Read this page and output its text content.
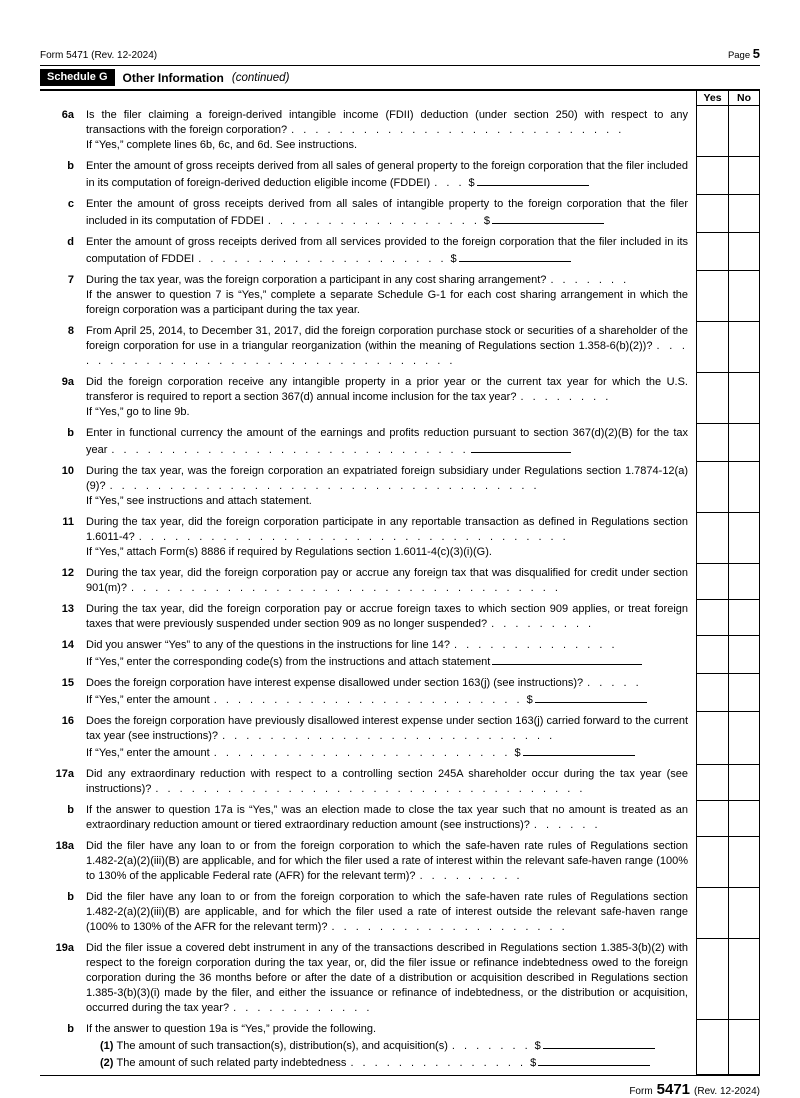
Form 5471 (Rev. 12-2024)	Page 5
Schedule G	Other Information (continued)
Yes	No
6a	Is the filer claiming a foreign-derived intangible income (FDII) deduction (under section 250) with respect to any transactions with the foreign corporation? . . . . . . . . . . . . . . . . . . . . . . . . . . . .
If “Yes,” complete lines 6b, 6c, and 6d. See instructions.
b	Enter the amount of gross receipts derived from all sales of general property to the foreign corporation that the filer included in its computation of foreign-derived deduction eligible income (FDDEI) . . . $
c	Enter the amount of gross receipts derived from all sales of intangible property to the foreign corporation that the filer included in its computation of FDDEI . . . . . . . . . . . . . . . . . . $
d	Enter the amount of gross receipts derived from all services provided to the foreign corporation that the filer included in its computation of FDDEI . . . . . . . . . . . . . . . . . . . . . $
7	During the tax year, was the foreign corporation a participant in any cost sharing arrangement? . . . . . . .
If the answer to question 7 is “Yes,” complete a separate Schedule G-1 for each cost sharing arrangement in which the foreign corporation was a participant during the tax year.
8	From April 25, 2014, to December 31, 2017, did the foreign corporation purchase stock or securities of a shareholder of the foreign corporation for use in a triangular reorganization (within the meaning of Regulations section 1.358-6(b)(2))? . . . . . . . . . . . . . . . . . . . . . . . . . . . . . . . . . .
9a	Did the foreign corporation receive any intangible property in a prior year or the current tax year for which the U.S. transferor is required to report a section 367(d) annual income inclusion for the tax year? . . . . . . . .
If “Yes,” go to line 9b.
b	Enter in functional currency the amount of the earnings and profits reduction pursuant to section 367(d)(2)(B) for the tax year . . . . . . . . . . . . . . . . . . . . . . . . . . . . . .
10	During the tax year, was the foreign corporation an expatriated foreign subsidiary under Regulations section 1.7874-12(a)(9)? . . . . . . . . . . . . . . . . . . . . . . . . . . . . . . . . . . . .
If “Yes,” see instructions and attach statement.
11	During the tax year, did the foreign corporation participate in any reportable transaction as defined in Regulations section 1.6011-4? . . . . . . . . . . . . . . . . . . . . . . . . . . . . . . . . . . . .
If “Yes,” attach Form(s) 8886 if required by Regulations section 1.6011-4(c)(3)(i)(G).
12	During the tax year, did the foreign corporation pay or accrue any foreign tax that was disqualified for credit under section 901(m)? . . . . . . . . . . . . . . . . . . . . . . . . . . . . . . . . . . . .
13	During the tax year, did the foreign corporation pay or accrue foreign taxes to which section 909 applies, or treat foreign taxes that were previously suspended under section 909 as no longer suspended? . . . . . . . . .
14	Did you answer “Yes” to any of the questions in the instructions for line 14? . . . . . . . . . . . . . .
If “Yes,” enter the corresponding code(s) from the instructions and attach statement
15	Does the foreign corporation have interest expense disallowed under section 163(j) (see instructions)? . . . . .
If “Yes,” enter the amount . . . . . . . . . . . . . . . . . . . . . . . . . . $
16	Does the foreign corporation have previously disallowed interest expense under section 163(j) carried forward to the current tax year (see instructions)? . . . . . . . . . . . . . . . . . . . . . . . . . . . .
If “Yes,” enter the amount . . . . . . . . . . . . . . . . . . . . . . . . . $
17a	Did any extraordinary reduction with respect to a controlling section 245A shareholder occur during the tax year (see instructions)? . . . . . . . . . . . . . . . . . . . . . . . . . . . . . . . . . . . .
b	If the answer to question 17a is “Yes,” was an election made to close the tax year such that no amount is treated as an extraordinary reduction amount or tiered extraordinary reduction amount (see instructions)? . . . . . .
18a	Did the filer have any loan to or from the foreign corporation to which the safe-haven rate rules of Regulations section 1.482-2(a)(2)(iii)(B) are applicable, and for which the filer used a rate of interest within the relevant safe-haven range (100% to 130% of the applicable Federal rate (AFR) for the relevant term)? . . . . . . . . .
b	Did the filer have any loan to or from the foreign corporation to which the safe-haven rate rules of Regulations section 1.482-2(a)(2)(iii)(B) are applicable, and for which the filer used a rate of interest outside the relevant safe-haven range (100% to 130% of the AFR for the relevant term)? . . . . . . . . . . . . . . . . . . . .
19a	Did the filer issue a covered debt instrument in any of the transactions described in Regulations section 1.385-3(b)(2) with respect to the foreign corporation during the tax year, or, did the filer issue or refinance indebtedness owed to the foreign corporation during the 36 months before or after the date of a distribution or acquisition described in Regulations section 1.385-3(b)(3)(i) made by the filer, and either the issuance or refinance of indebtedness, or the distribution or acquisition, occurred during the tax year? . . . . . . . . . . . .
b	If the answer to question 19a is “Yes,” provide the following.
(1) The amount of such transaction(s), distribution(s), and acquisition(s) . . . . . . . $
(2) The amount of such related party indebtedness . . . . . . . . . . . . . . . $
Form 5471 (Rev. 12-2024)
